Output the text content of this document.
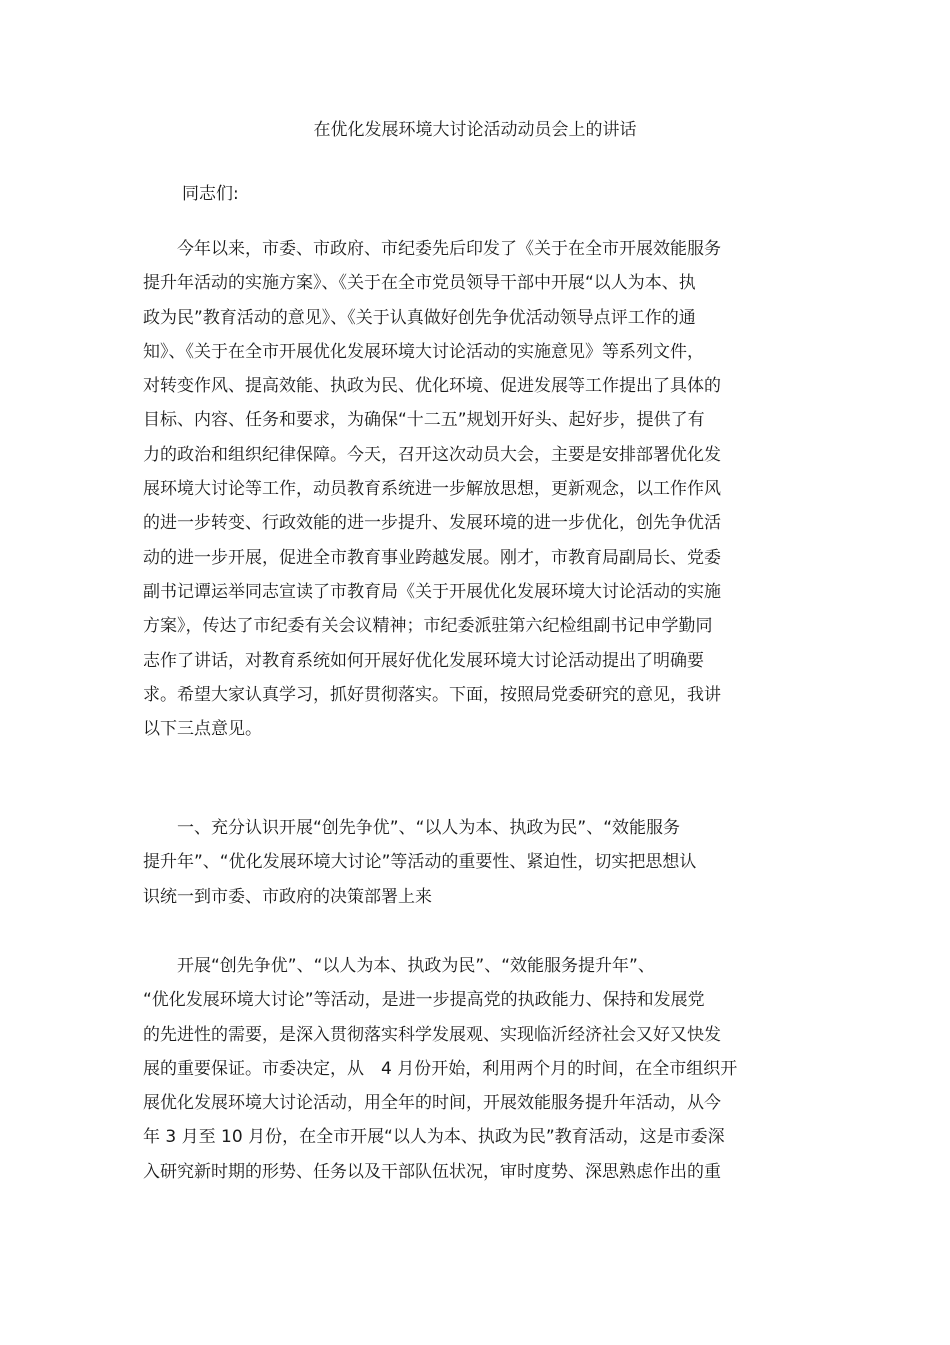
在优化发展环境大讨论活动动员会上的讲话
同志们:
　　今年以来，市委、市政府、市纪委先后印发了《关于在全市开展效能服务
提升年活动的实施方案》、《关于在全市党员领导干部中开展“以人为本、执
政为民”教育活动的意见》、《关于认真做好创先争优活动领导点评工作的通
知》、《关于在全市开展优化发展环境大讨论活动的实施意见》等系列文件，
对转变作风、提高效能、执政为民、优化环境、促进发展等工作提出了具体的
目标、内容、任务和要求，为确保“十二五”规划开好头、起好步，提供了有
力的政治和组织纪律保障。今天，召开这次动员大会，主要是安排部署优化发
展环境大讨论等工作，动员教育系统进一步解放思想，更新观念，以工作作风
的进一步转变、行政效能的进一步提升、发展环境的进一步优化，创先争优活
动的进一步开展，促进全市教育事业跨越发展。刚才，市教育局副局长、党委
副书记谭运举同志宣读了市教育局《关于开展优化发展环境大讨论活动的实施
方案》，传达了市纪委有关会议精神；市纪委派驻第六纪检组副书记申学勤同
志作了讲话，对教育系统如何开展好优化发展环境大讨论活动提出了明确要
求。希望大家认真学习，抓好贯彻落实。下面，按照局党委研究的意见，我讲
以下三点意见。
　　一、充分认识开展“创先争优”、“以人为本、执政为民”、“效能服务
提升年”、“优化发展环境大讨论”等活动的重要性、紧迫性，切实把思想认
识统一到市委、市政府的决策部署上来
　　开展“创先争优”、“以人为本、执政为民”、“效能服务提升年”、
“优化发展环境大讨论”等活动，是进一步提高党的执政能力、保持和发展党
的先进性的需要，是深入贯彻落实科学发展观、实现临沂经济社会又好又快发
展的重要保证。市委决定，从　4 月份开始，利用两个月的时间，在全市组织开
展优化发展环境大讨论活动，用全年的时间，开展效能服务提升年活动，从今
年 3 月至 10 月份，在全市开展“以人为本、执政为民”教育活动，这是市委深
入研究新时期的形势、任务以及干部队伍状况，审时度势、深思熟虑作出的重
